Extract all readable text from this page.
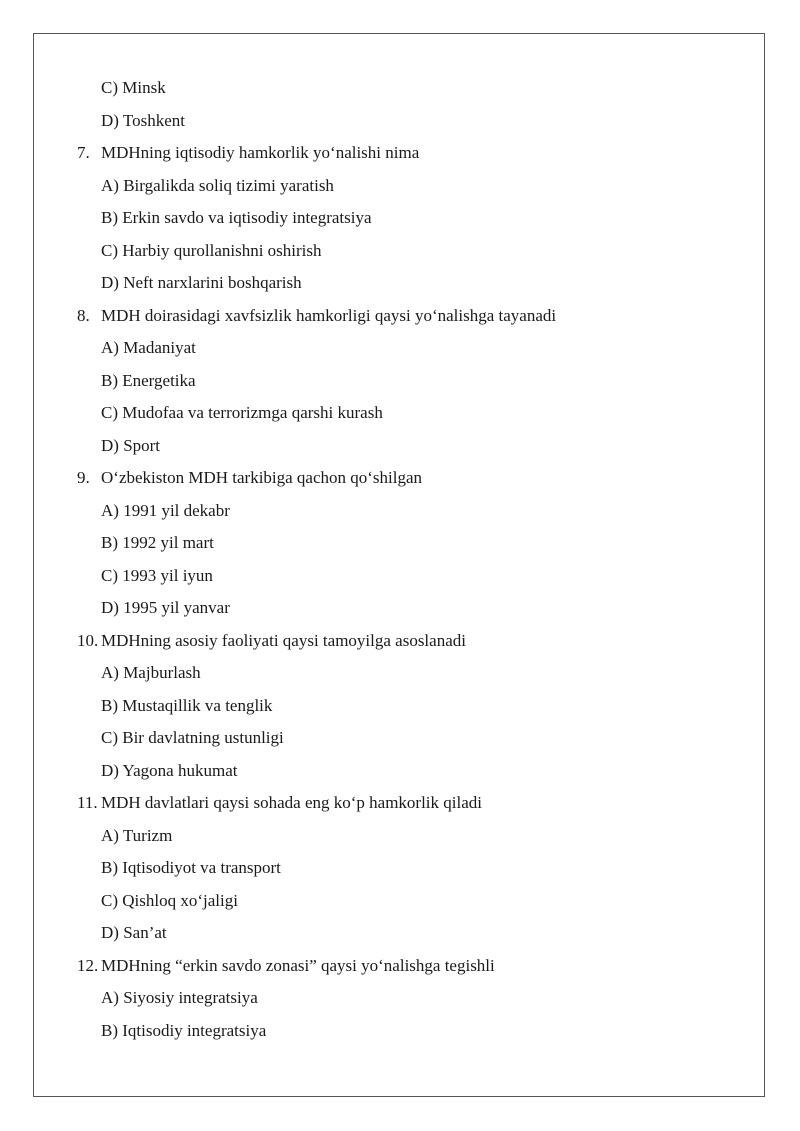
C) Minsk
D) Toshkent
7. MDHning iqtisodiy hamkorlik yo‘nalishi nima
A) Birgalikda soliq tizimi yaratish
B) Erkin savdo va iqtisodiy integratsiya
C) Harbiy qurollanishni oshirish
D) Neft narxlarini boshqarish
8. MDH doirasidagi xavfsizlik hamkorligi qaysi yo‘nalishga tayanadi
A) Madaniyat
B) Energetika
C) Mudofaa va terrorizmga qarshi kurash
D) Sport
9. O‘zbekiston MDH tarkibiga qachon qo‘shilgan
A) 1991 yil dekabr
B) 1992 yil mart
C) 1993 yil iyun
D) 1995 yil yanvar
10. MDHning asosiy faoliyati qaysi tamoyilga asoslanadi
A) Majburlash
B) Mustaqillik va tenglik
C) Bir davlatning ustunligi
D) Yagona hukumat
11. MDH davlatlari qaysi sohada eng ko‘p hamkorlik qiladi
A) Turizm
B) Iqtisodiyot va transport
C) Qishloq xo‘jaligi
D) San’at
12. MDHning “erkin savdo zonasi” qaysi yo‘nalishga tegishli
A) Siyosiy integratsiya
B) Iqtisodiy integratsiya
